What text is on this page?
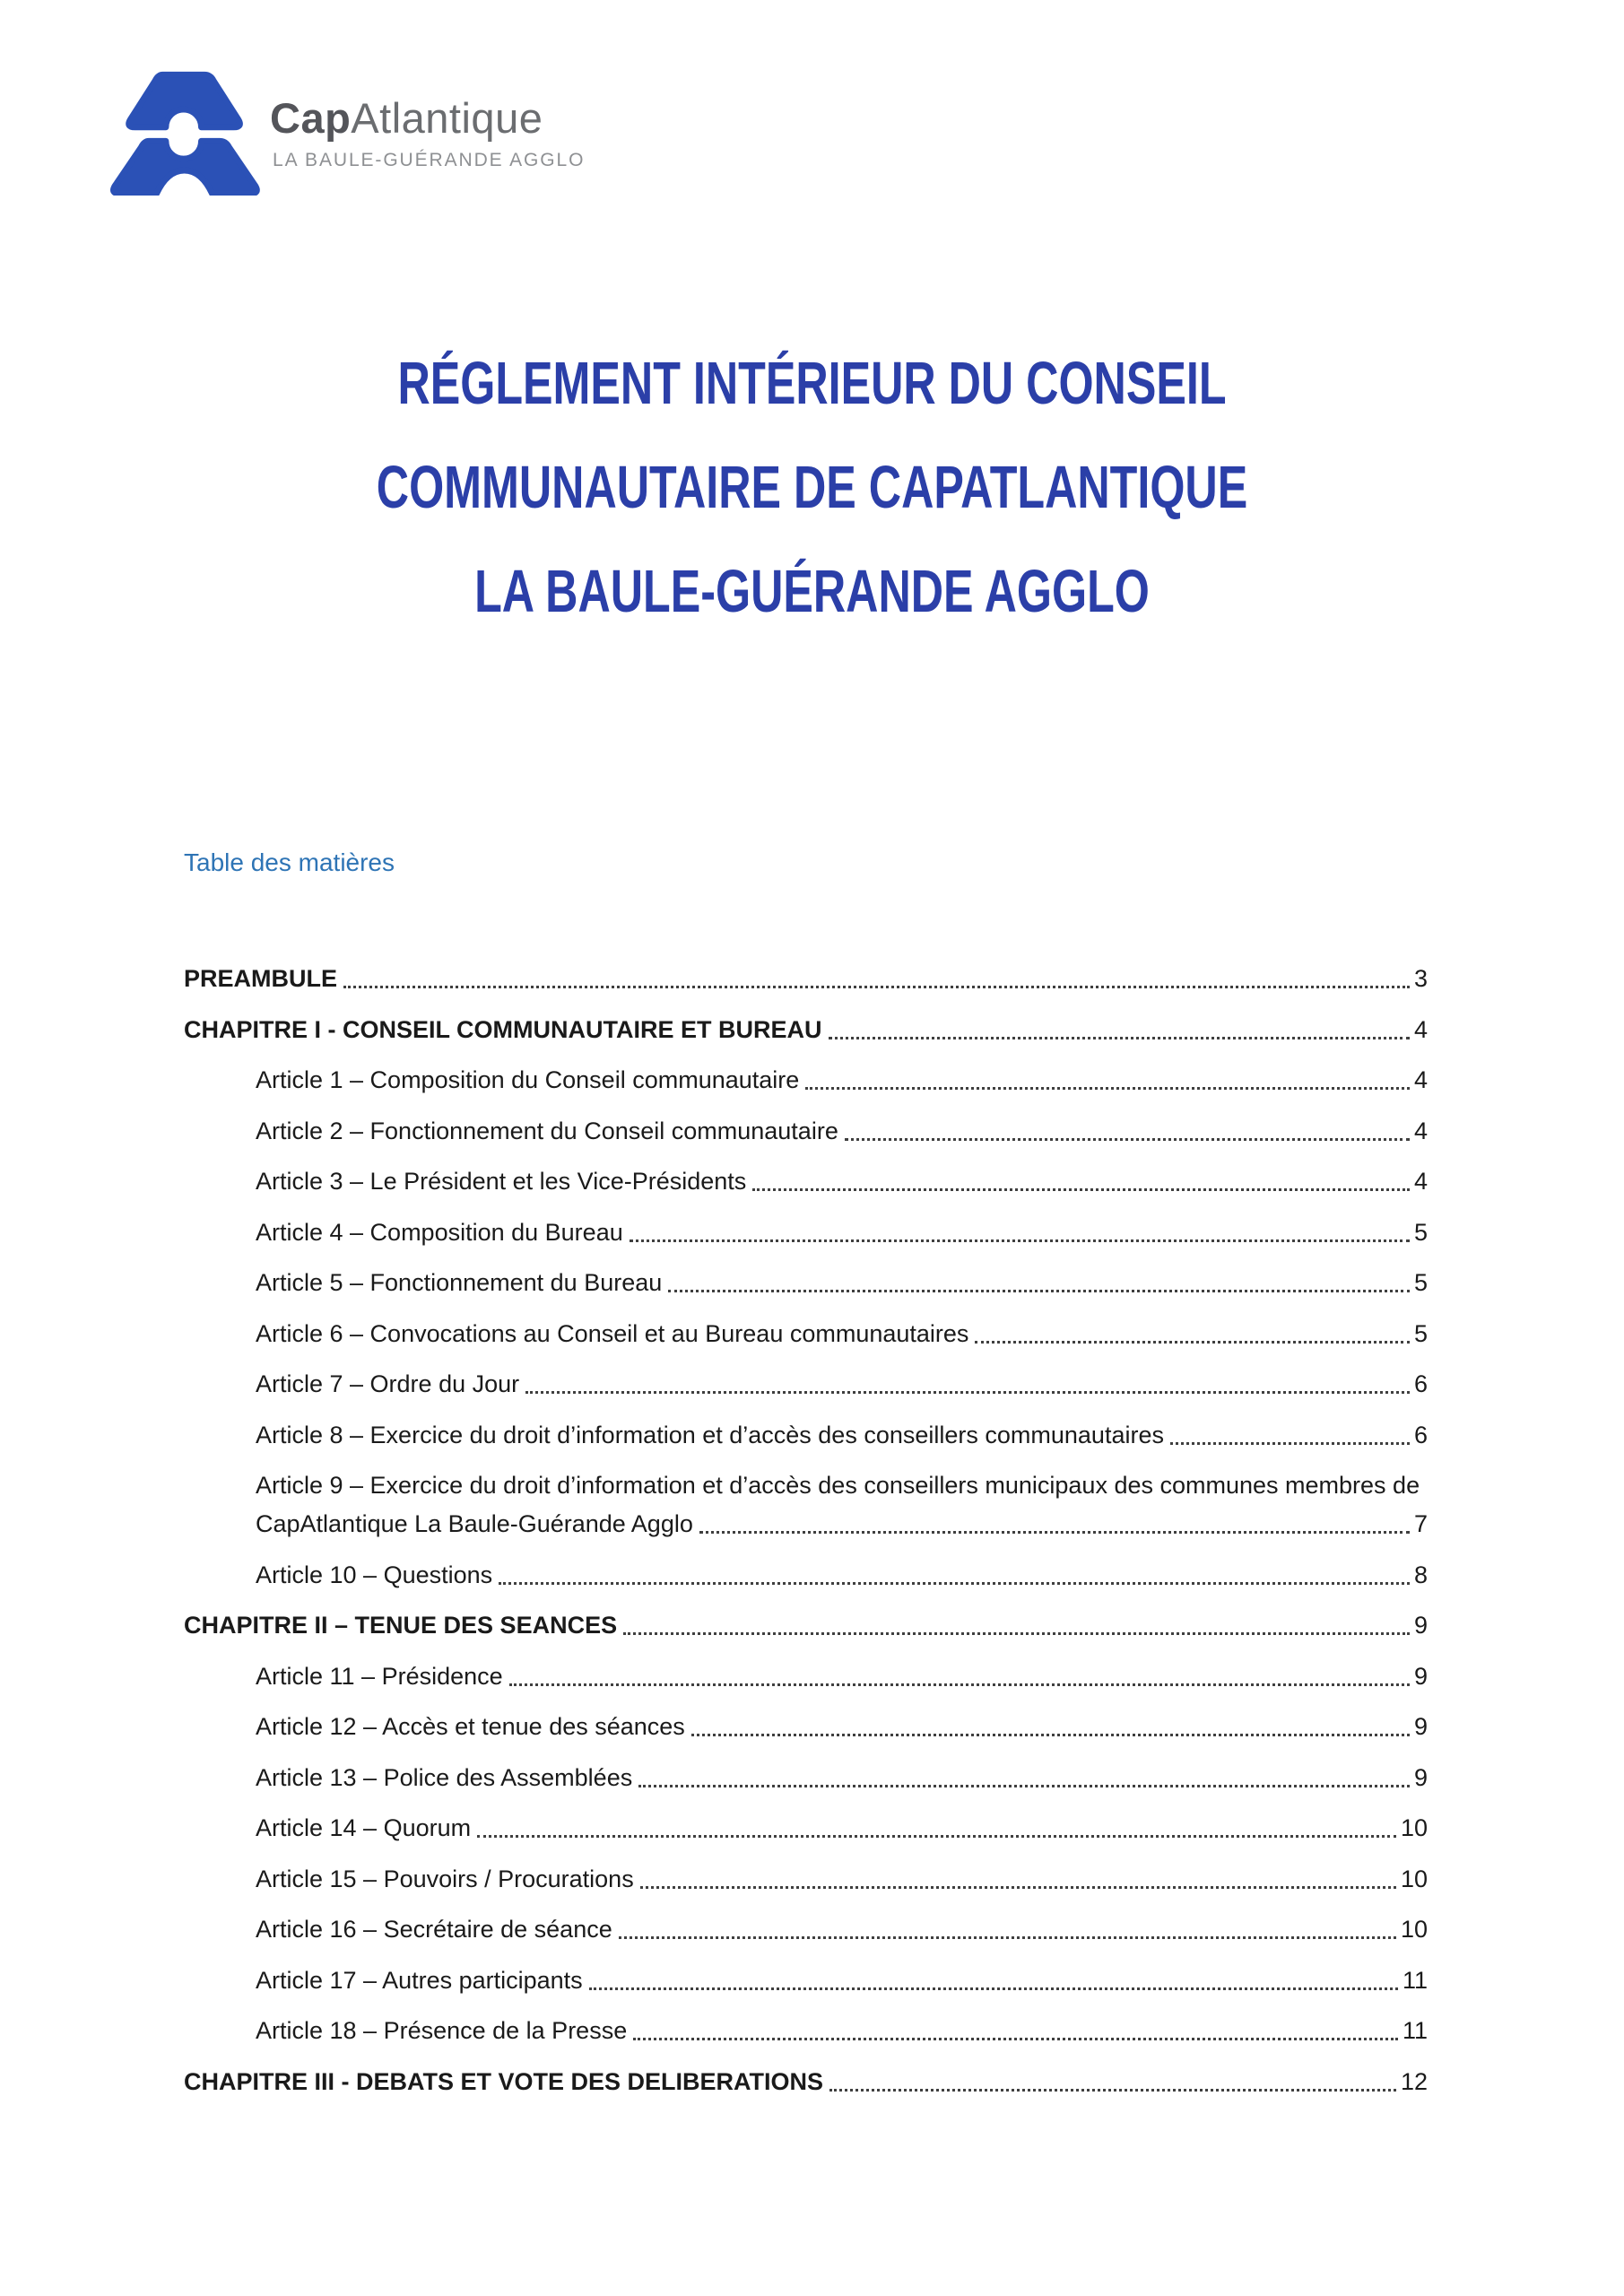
CapAtlantique
LA BAULE-GUÉRANDE AGGLO
RÉGLEMENT INTÉRIEUR DU CONSEIL
COMMUNAUTAIRE DE CAPATLANTIQUE
LA BAULE-GUÉRANDE AGGLO
Table des matières
PREAMBULE	3
CHAPITRE I - CONSEIL COMMUNAUTAIRE ET BUREAU	4
Article 1 – Composition du Conseil communautaire	4
Article 2 – Fonctionnement du Conseil communautaire	4
Article 3 – Le Président et les Vice-Présidents	4
Article 4 – Composition du Bureau	5
Article 5 – Fonctionnement du Bureau	5
Article 6 – Convocations au Conseil et au Bureau communautaires	5
Article 7 – Ordre du Jour	6
Article 8 – Exercice du droit d’information et d’accès des conseillers communautaires	6
Article 9 – Exercice du droit d’information et d’accès des conseillers municipaux des communes membres de
CapAtlantique La Baule-Guérande Agglo	7
Article 10 – Questions	8
CHAPITRE II – TENUE DES SEANCES	9
Article 11 – Présidence	9
Article 12 – Accès et tenue des séances	9
Article 13 – Police des Assemblées	9
Article 14 – Quorum	10
Article 15 – Pouvoirs / Procurations	10
Article 16 – Secrétaire de séance	10
Article 17 – Autres participants	11
Article 18 – Présence de la Presse	11
CHAPITRE III - DEBATS ET VOTE DES DELIBERATIONS	12
